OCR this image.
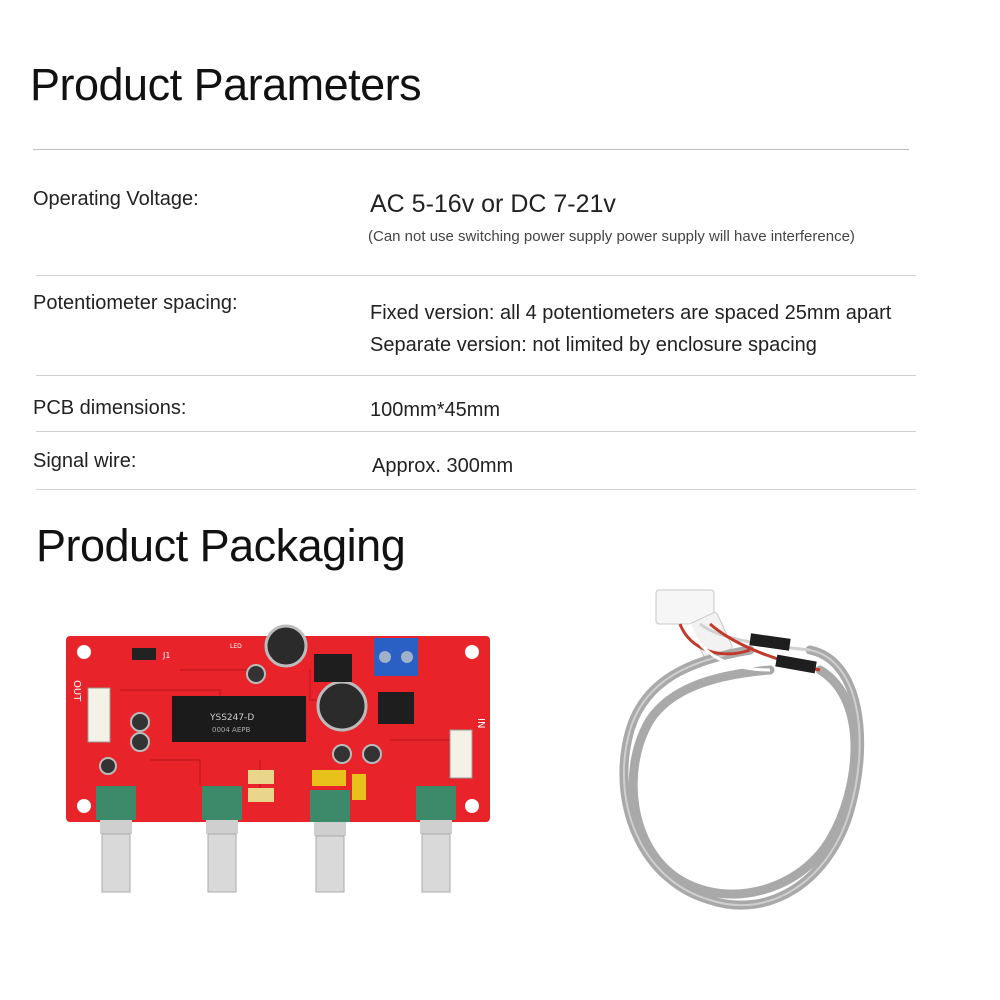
Product Parameters
Operating Voltage:	AC 5-16v or DC 7-21v
(Can not use switching power supply power supply will have interference)
Potentiometer spacing:	Fixed version: all 4 potentiometers are spaced 25mm apart
Separate version: not limited by enclosure spacing
PCB dimensions:	100mm*45mm
Signal wire:	Approx. 300mm
Product Packaging
J1
LED
OUT
IN
YSS247-D
0004 AEPB
